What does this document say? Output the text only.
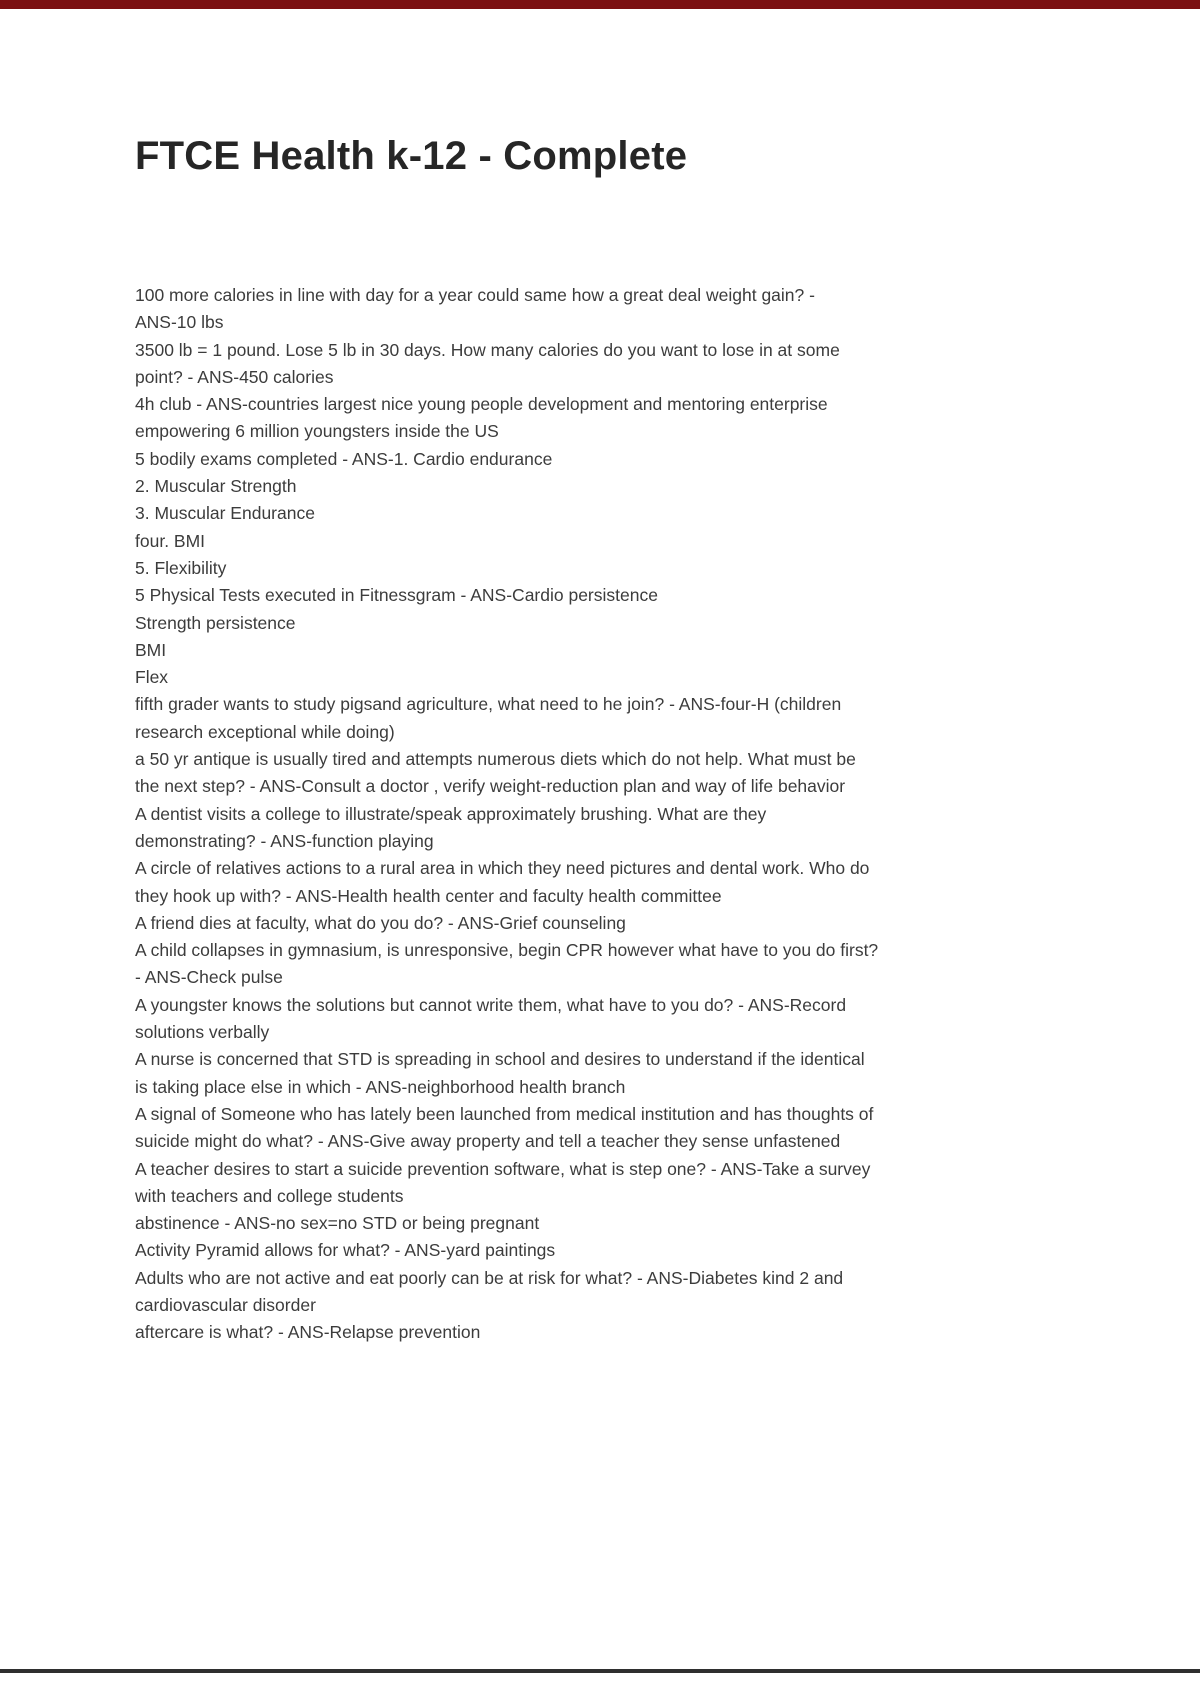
FTCE Health k-12 - Complete
100 more calories in line with day for a year could same how a great deal weight gain? -
ANS-10 lbs
3500 lb = 1 pound. Lose 5 lb in 30 days. How many calories do you want to lose in at some
point? - ANS-450 calories
4h club - ANS-countries largest nice young people development and mentoring enterprise
empowering 6 million youngsters inside the US
5 bodily exams completed - ANS-1. Cardio endurance
2. Muscular Strength
3. Muscular Endurance
four. BMI
5. Flexibility
5 Physical Tests executed in Fitnessgram - ANS-Cardio persistence
Strength persistence
BMI
Flex
fifth grader wants to study pigsand agriculture, what need to he join? - ANS-four-H (children
research exceptional while doing)
a 50 yr antique is usually tired and attempts numerous diets which do not help. What must be
the next step? - ANS-Consult a doctor , verify weight-reduction plan and way of life behavior
A dentist visits a college to illustrate/speak approximately brushing. What are they
demonstrating? - ANS-function playing
A circle of relatives actions to a rural area in which they need pictures and dental work. Who do
they hook up with? - ANS-Health health center and faculty health committee
A friend dies at faculty, what do you do? - ANS-Grief counseling
A child collapses in gymnasium, is unresponsive, begin CPR however what have to you do first?
- ANS-Check pulse
A youngster knows the solutions but cannot write them, what have to you do? - ANS-Record
solutions verbally
A nurse is concerned that STD is spreading in school and desires to understand if the identical
is taking place else in which - ANS-neighborhood health branch
A signal of Someone who has lately been launched from medical institution and has thoughts of
suicide might do what? - ANS-Give away property and tell a teacher they sense unfastened
A teacher desires to start a suicide prevention software, what is step one? - ANS-Take a survey
with teachers and college students
abstinence - ANS-no sex=no STD or being pregnant
Activity Pyramid allows for what? - ANS-yard paintings
Adults who are not active and eat poorly can be at risk for what? - ANS-Diabetes kind 2 and
cardiovascular disorder
aftercare is what? - ANS-Relapse prevention
